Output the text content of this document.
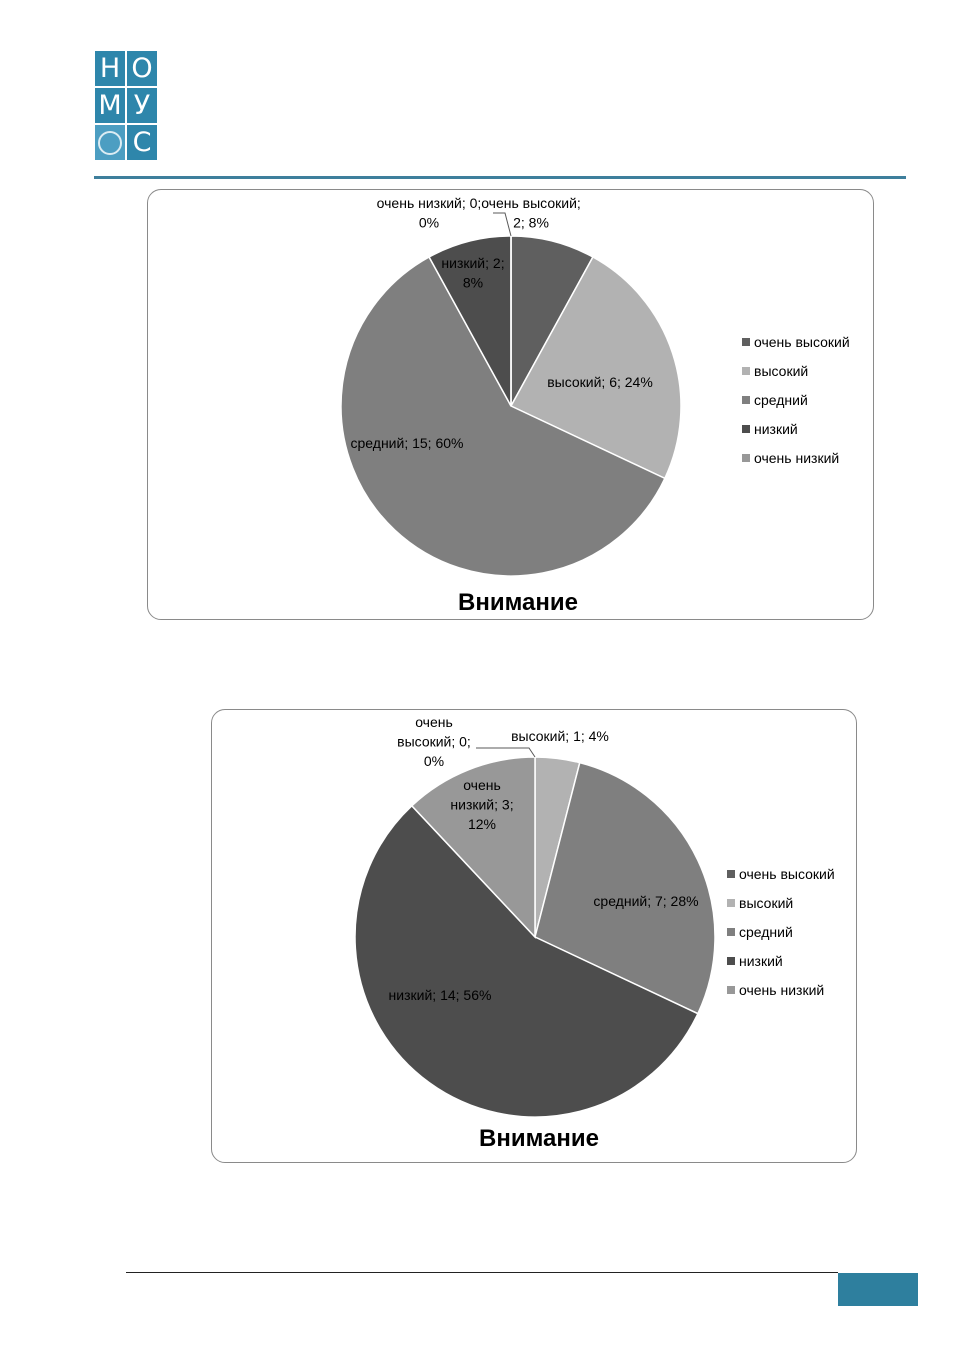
Н О
М У
С
очень высокий; 2; 8%
высокий; 6; 24%
средний; 15; 60%
низкий; 2; 8%
очень низкий; 0; 0%
очень высокий
высокий
средний
низкий
очень низкий
Внимание
очень высокий; 0; 0%
высокий; 1; 4%
средний; 7; 28%
низкий; 14; 56%
очень низкий; 3; 12%
очень высокий
высокий
средний
низкий
очень низкий
Внимание
